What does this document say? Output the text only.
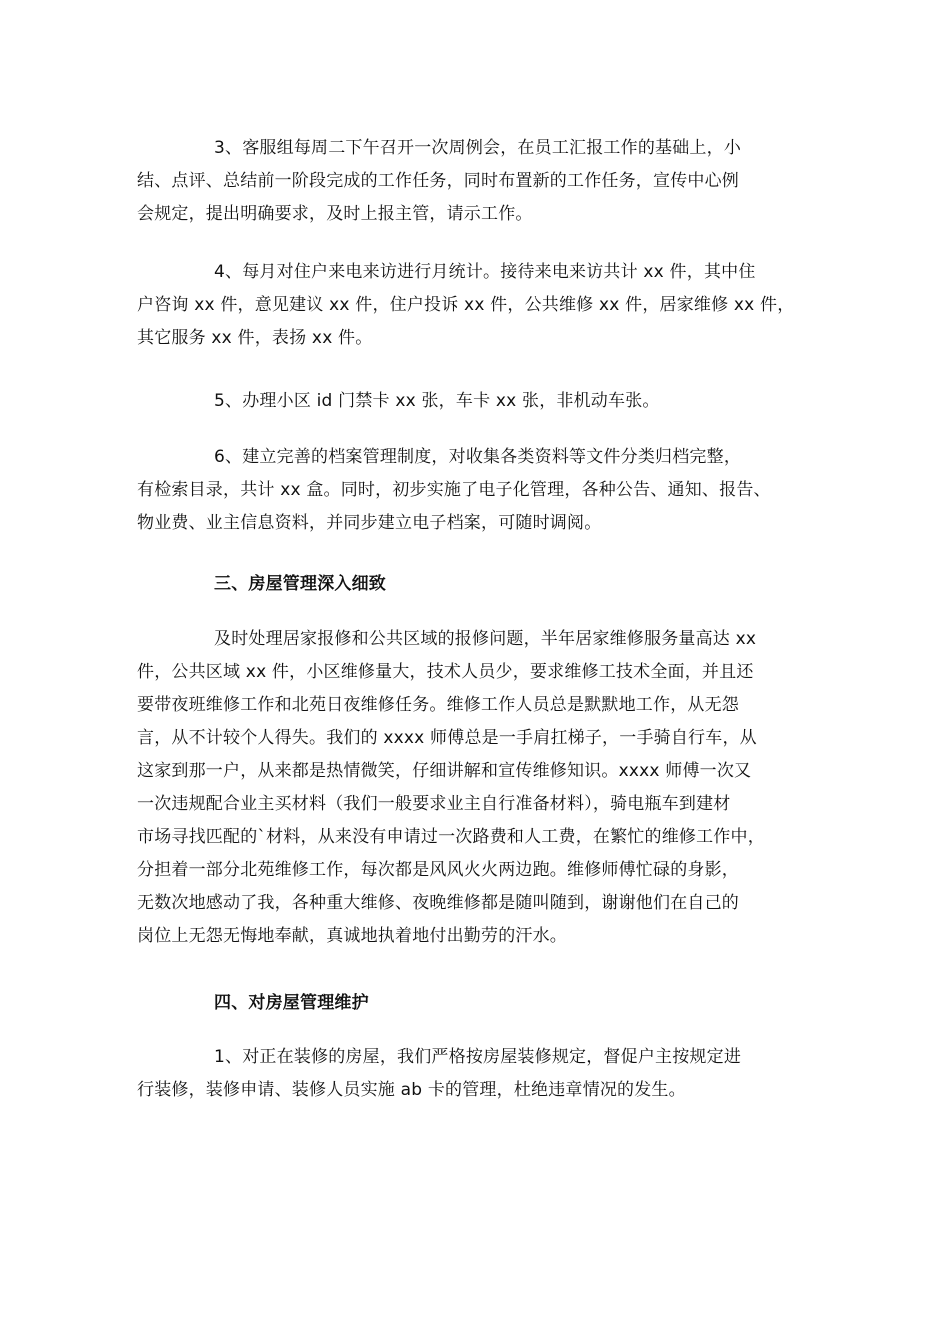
3、客服组每周二下午召开一次周例会，在员工汇报工作的基础上，小
结、点评、总结前一阶段完成的工作任务，同时布置新的工作任务，宣传中心例
会规定，提出明确要求，及时上报主管，请示工作。
4、每月对住户来电来访进行月统计。接待来电来访共计 xx 件，其中住
户咨询 xx 件，意见建议 xx 件，住户投诉 xx 件，公共维修 xx 件，居家维修 xx 件，
其它服务 xx 件，表扬 xx 件。
5、办理小区 id 门禁卡 xx 张，车卡 xx 张，非机动车张。
6、建立完善的档案管理制度，对收集各类资料等文件分类归档完整，
有检索目录，共计 xx 盒。同时，初步实施了电子化管理，各种公告、通知、报告、
物业费、业主信息资料，并同步建立电子档案，可随时调阅。
三、房屋管理深入细致
及时处理居家报修和公共区域的报修问题，半年居家维修服务量高达 xx
件，公共区域 xx 件，小区维修量大，技术人员少，要求维修工技术全面，并且还
要带夜班维修工作和北苑日夜维修任务。维修工作人员总是默默地工作，从无怨
言，从不计较个人得失。我们的 xxxx 师傅总是一手肩扛梯子，一手骑自行车，从
这家到那一户，从来都是热情微笑，仔细讲解和宣传维修知识。xxxx 师傅一次又
一次违规配合业主买材料（我们一般要求业主自行准备材料），骑电瓶车到建材
市场寻找匹配的`材料，从来没有申请过一次路费和人工费，在繁忙的维修工作中，
分担着一部分北苑维修工作，每次都是风风火火两边跑。维修师傅忙碌的身影，
无数次地感动了我，各种重大维修、夜晚维修都是随叫随到，谢谢他们在自己的
岗位上无怨无悔地奉献，真诚地执着地付出勤劳的汗水。
四、对房屋管理维护
1、对正在装修的房屋，我们严格按房屋装修规定，督促户主按规定进
行装修，装修申请、装修人员实施 ab 卡的管理，杜绝违章情况的发生。
